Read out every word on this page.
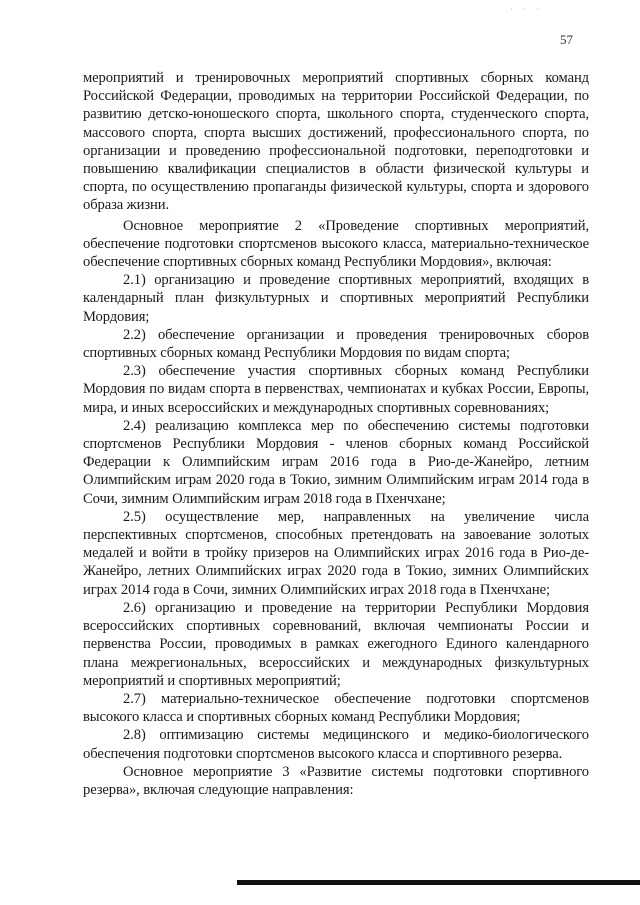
· · ·
57

мероприятий и тренировочных мероприятий спортивных сборных команд Российской Федерации, проводимых на территории Российской Федерации, по развитию детско-юношеского спорта, школьного спорта, студенческого спорта, массового спорта, спорта высших достижений, профессионального спорта, по организации и проведению профессиональной подготовки, переподготовки и повышению квалификации специалистов в области физической культуры и спорта, по осуществлению пропаганды физической культуры, спорта и здорового образа жизни.

Основное мероприятие 2 «Проведение спортивных мероприятий, обеспечение подготовки спортсменов высокого класса, материально-техническое обеспечение спортивных сборных команд Республики Мордовия», включая:

2.1) организацию и проведение спортивных мероприятий, входящих в календарный план физкультурных и спортивных мероприятий Республики Мордовия;

2.2) обеспечение организации и проведения тренировочных сборов спортивных сборных команд Республики Мордовия по видам спорта;

2.3) обеспечение участия спортивных сборных команд Республики Мордовия по видам спорта в первенствах, чемпионатах и кубках России, Европы, мира, и иных всероссийских и международных спортивных соревнованиях;

2.4) реализацию комплекса мер по обеспечению системы подготовки спортсменов Республики Мордовия - членов сборных команд Российской Федерации к Олимпийским играм 2016 года в Рио-де-Жанейро, летним Олимпийским играм 2020 года в Токио, зимним Олимпийским играм 2014 года в Сочи, зимним Олимпийским играм 2018 года в Пхенчхане;

2.5) осуществление мер, направленных на увеличение числа перспективных спортсменов, способных претендовать на завоевание золотых медалей и войти в тройку призеров на Олимпийских играх 2016 года в Рио-де-Жанейро, летних Олимпийских играх 2020 года в Токио, зимних Олимпийских играх 2014 года в Сочи, зимних Олимпийских играх 2018 года в Пхенчхане;

2.6) организацию и проведение на территории Республики Мордовия всероссийских спортивных соревнований, включая чемпионаты России и первенства России, проводимых в рамках ежегодного Единого календарного плана межрегиональных, всероссийских и международных физкультурных мероприятий и спортивных мероприятий;

2.7) материально-техническое обеспечение подготовки спортсменов высокого класса и спортивных сборных команд Республики Мордовия;

2.8) оптимизацию системы медицинского и медико-биологического обеспечения подготовки спортсменов высокого класса и спортивного резерва.

Основное мероприятие 3 «Развитие системы подготовки спортивного резерва», включая следующие направления:
